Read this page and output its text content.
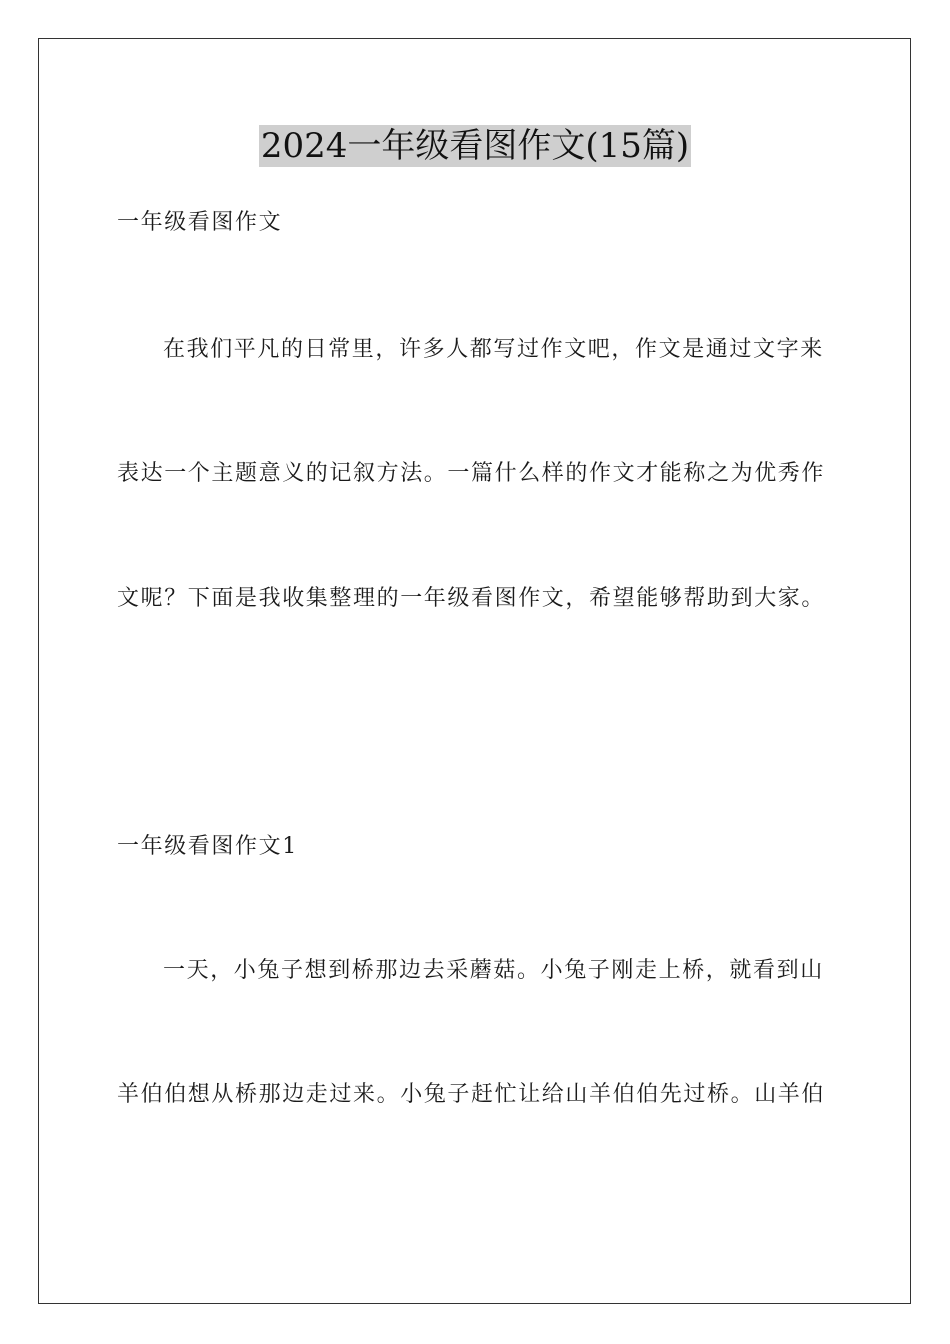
2024一年级看图作文(15篇)
一年级看图作文
在我们平凡的日常里，许多人都写过作文吧，作文是通过文字来
表达一个主题意义的记叙方法。一篇什么样的作文才能称之为优秀作
文呢？下面是我收集整理的一年级看图作文，希望能够帮助到大家。
一年级看图作文1
一天，小兔子想到桥那边去采蘑菇。小兔子刚走上桥，就看到山
羊伯伯想从桥那边走过来。小兔子赶忙让给山羊伯伯先过桥。山羊伯
